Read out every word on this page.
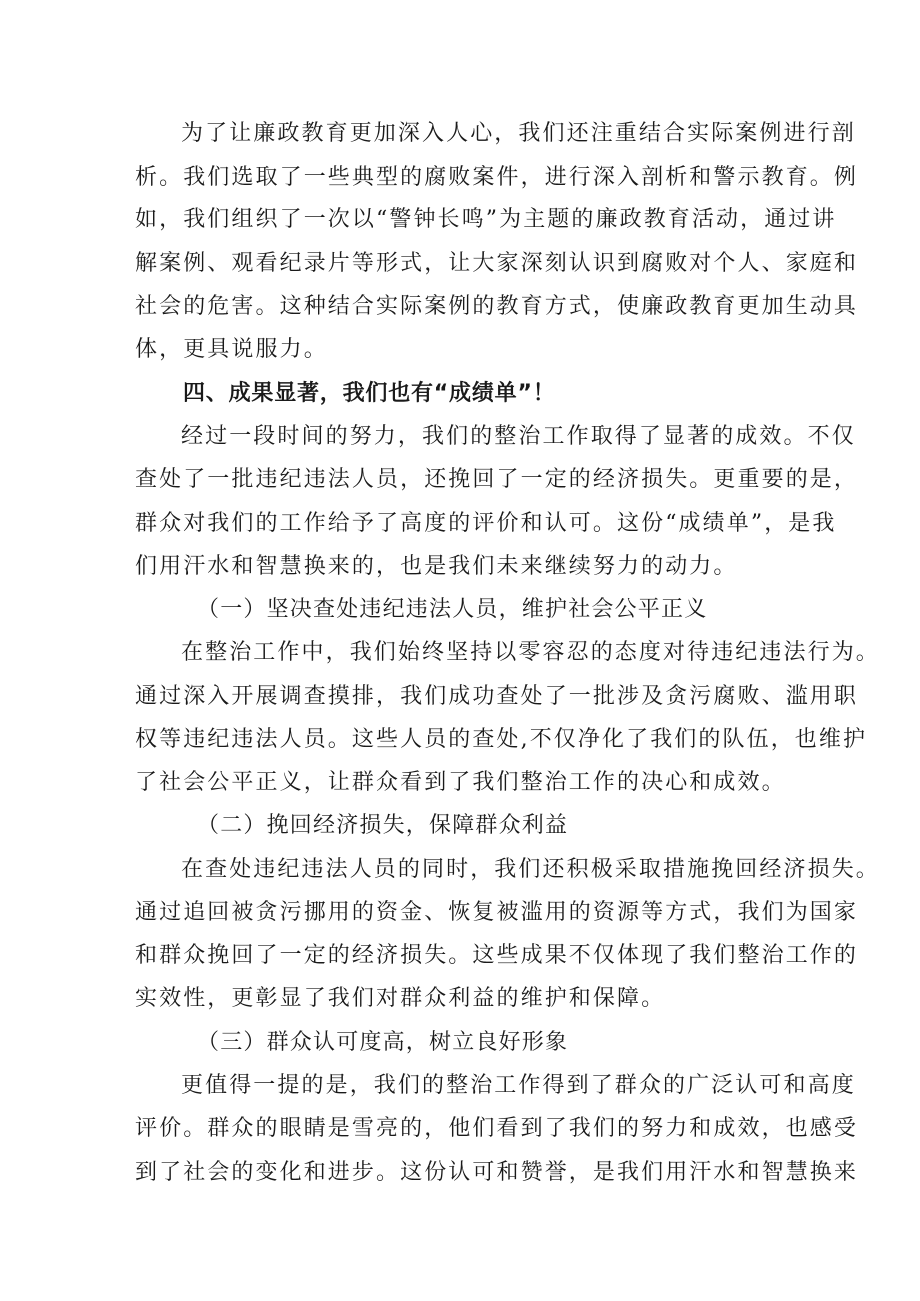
为了让廉政教育更加深入人心，我们还注重结合实际案例进行剖
析。我们选取了一些典型的腐败案件，进行深入剖析和警示教育。例
如，我们组织了一次以“警钟长鸣”为主题的廉政教育活动，通过讲
解案例、观看纪录片等形式，让大家深刻认识到腐败对个人、家庭和
社会的危害。这种结合实际案例的教育方式，使廉政教育更加生动具
体，更具说服力。
四、成果显著，我们也有“成绩单”！
经过一段时间的努力，我们的整治工作取得了显著的成效。不仅
查处了一批违纪违法人员，还挽回了一定的经济损失。更重要的是，
群众对我们的工作给予了高度的评价和认可。这份“成绩单”，是我
们用汗水和智慧换来的，也是我们未来继续努力的动力。
（一）坚决查处违纪违法人员，维护社会公平正义
在整治工作中，我们始终坚持以零容忍的态度对待违纪违法行为。
通过深入开展调查摸排，我们成功查处了一批涉及贪污腐败、滥用职
权等违纪违法人员。这些人员的查处,不仅净化了我们的队伍，也维护
了社会公平正义，让群众看到了我们整治工作的决心和成效。
（二）挽回经济损失，保障群众利益
在查处违纪违法人员的同时，我们还积极采取措施挽回经济损失。
通过追回被贪污挪用的资金、恢复被滥用的资源等方式，我们为国家
和群众挽回了一定的经济损失。这些成果不仅体现了我们整治工作的
实效性，更彰显了我们对群众利益的维护和保障。
（三）群众认可度高，树立良好形象
更值得一提的是，我们的整治工作得到了群众的广泛认可和高度
评价。群众的眼睛是雪亮的，他们看到了我们的努力和成效，也感受
到了社会的变化和进步。这份认可和赞誉，是我们用汗水和智慧换来
